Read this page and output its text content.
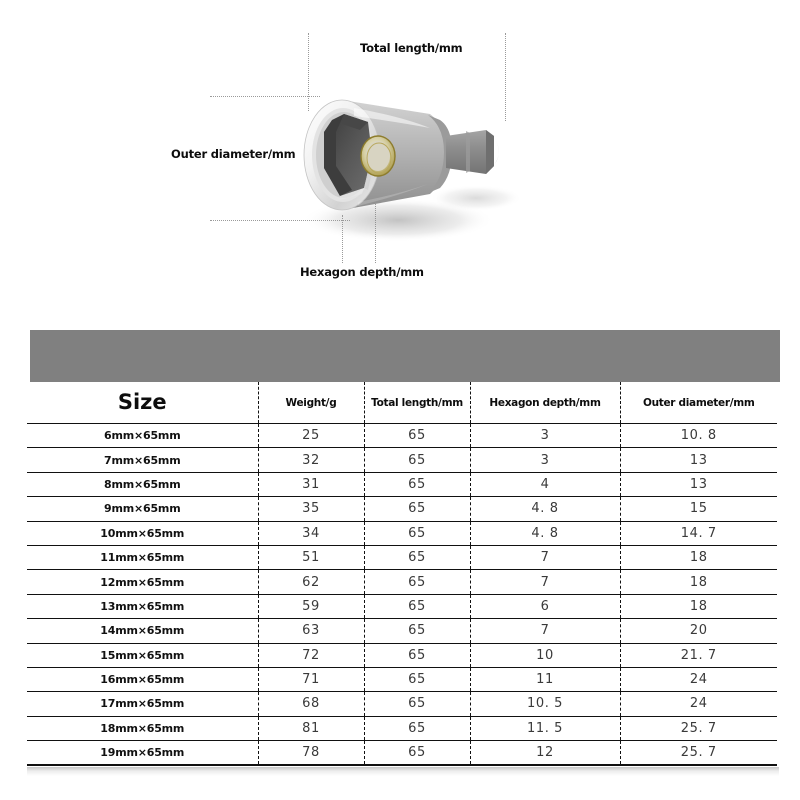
Total length/mm
Outer diameter/mm
Hexagon depth/mm
Size	Weight/g	Total length/mm	Hexagon depth/mm	Outer diameter/mm
6mm×65mm	25	65	3	10. 8
7mm×65mm	32	65	3	13
8mm×65mm	31	65	4	13
9mm×65mm	35	65	4. 8	15
10mm×65mm	34	65	4. 8	14. 7
11mm×65mm	51	65	7	18
12mm×65mm	62	65	7	18
13mm×65mm	59	65	6	18
14mm×65mm	63	65	7	20
15mm×65mm	72	65	10	21. 7
16mm×65mm	71	65	11	24
17mm×65mm	68	65	10. 5	24
18mm×65mm	81	65	11. 5	25. 7
19mm×65mm	78	65	12	25. 7
